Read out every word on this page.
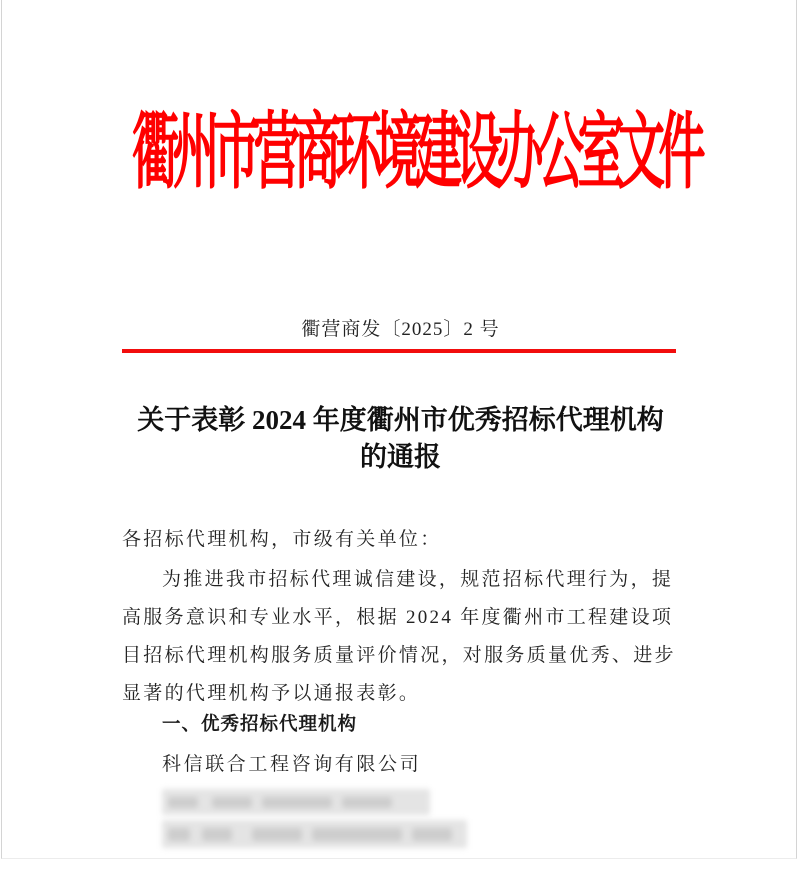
衢州市营商环境建设办公室文件
衢营商发〔2025〕2 号
关于表彰 2024 年度衢州市优秀招标代理机构
的通报
各招标代理机构，市级有关单位：
为推进我市招标代理诚信建设，规范招标代理行为，提
高服务意识和专业水平，根据 2024 年度衢州市工程建设项
目招标代理机构服务质量评价情况，对服务质量优秀、进步
显著的代理机构予以通报表彰。
一、优秀招标代理机构
科信联合工程咨询有限公司
